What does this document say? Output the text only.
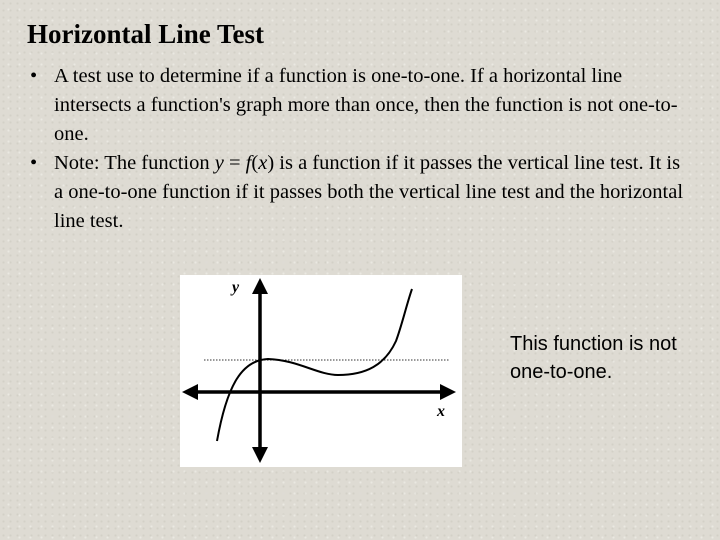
Horizontal Line Test
• A test use to determine if a function is one-to-one. If a horizontal line intersects a function's graph more than once, then the function is not one-to-one.
• Note: The function y = f(x) is a function if it passes the vertical line test. It is a one-to-one function if it passes both the vertical line test and the horizontal line test.
y
x
This function is not one-to-one.
